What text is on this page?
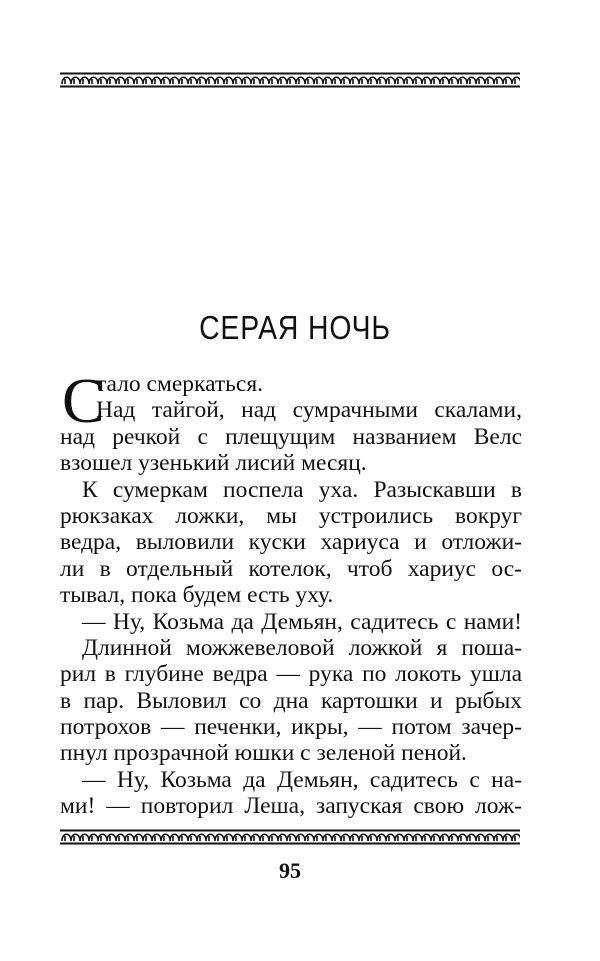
СЕРАЯ НОЧЬ
С
тало смеркаться.
Над тайгой, над сумрачными скалами,
над речкой с плещущим названием Велс
взошел узенький лисий месяц.
К сумеркам поспела уха. Разыскавши в
рюкзаках ложки, мы устроились вокруг
ведра, выловили куски хариуса и отложи-
ли в отдельный котелок, чтоб хариус ос-
тывал, пока будем есть уху.
— Ну, Козьма да Демьян, садитесь с нами!
Длинной можжевеловой ложкой я поша-
рил в глубине ведра — рука по локоть ушла
в пар. Выловил со дна картошки и рыбых
потрохов — печенки, икры, — потом зачер-
пнул прозрачной юшки с зеленой пеной.
— Ну, Козьма да Демьян, садитесь с на-
ми! — повторил Леша, запуская свою лож-
95
